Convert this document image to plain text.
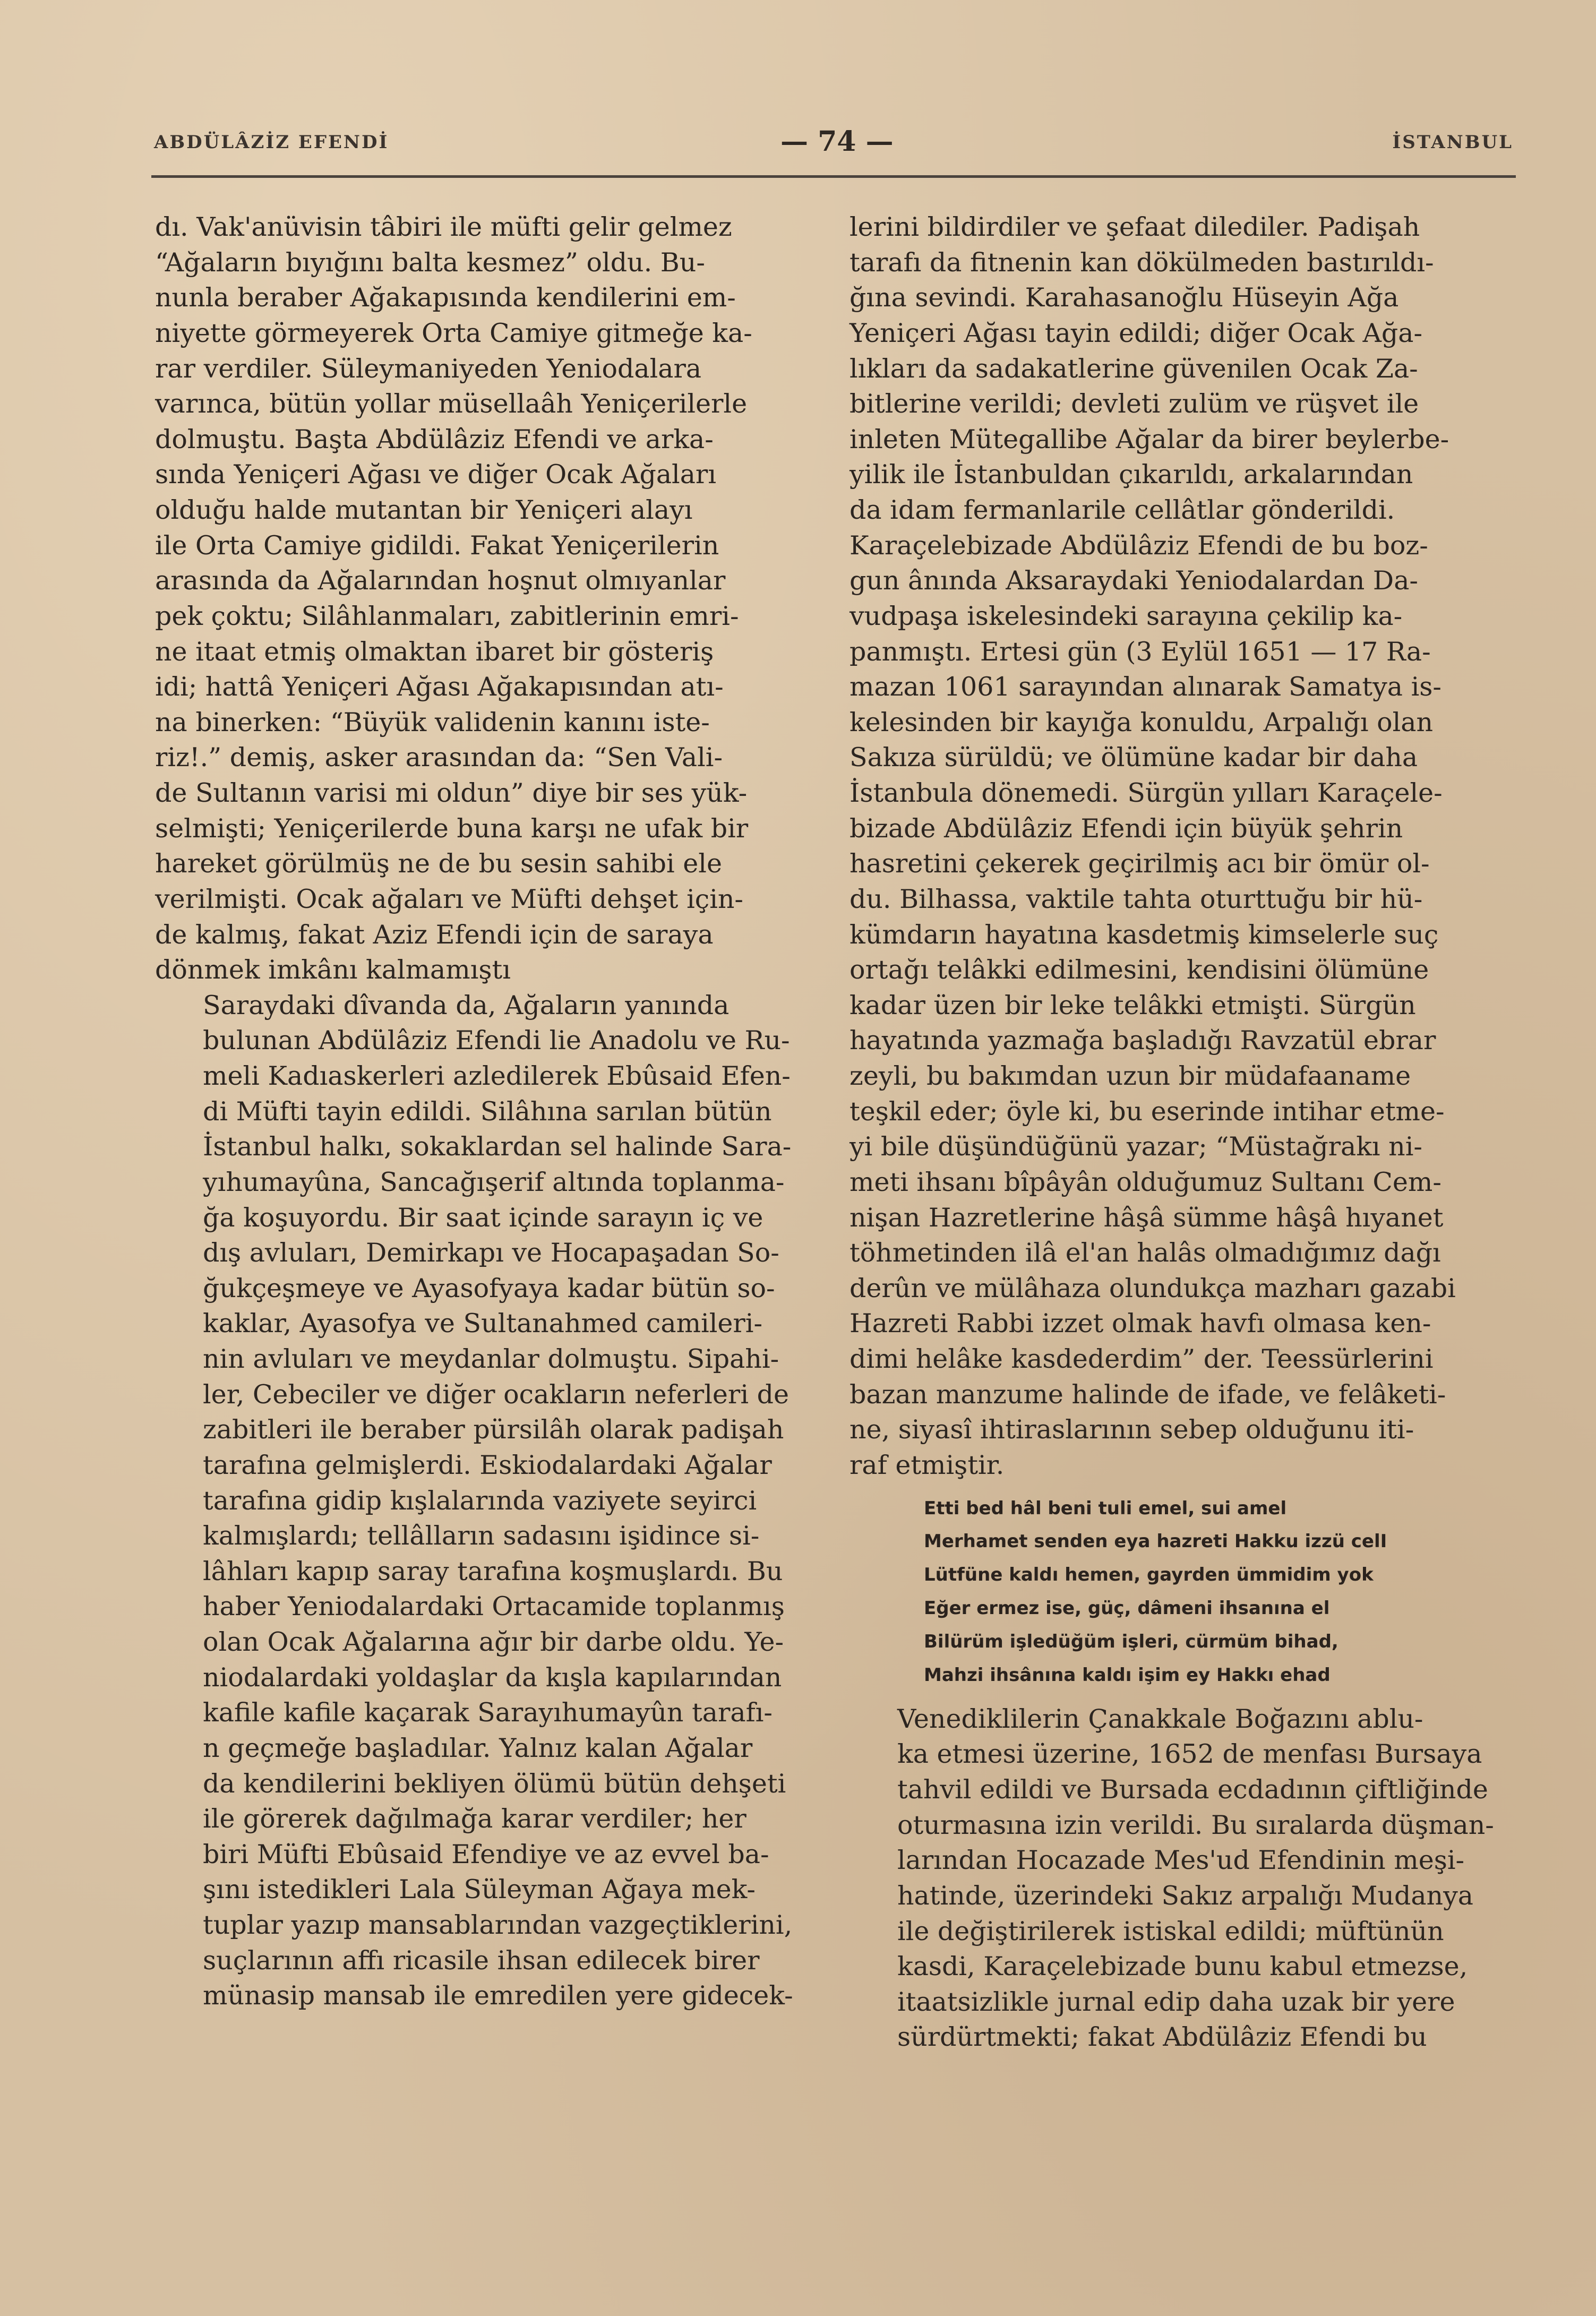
ABDÜLÂZİZ EFENDİ	— 74 —	İSTANBUL

dı. Vak'anüvisin tâbiri ile müfti gelir gelmez
“Ağaların bıyığını balta kesmez” oldu. Bu-
nunla beraber Ağakapısında kendilerini em-
niyette görmeyerek Orta Camiye gitmeğe ka-
rar verdiler. Süleymaniyeden Yeniodalara
varınca, bütün yollar müsellaâh Yeniçerilerle
dolmuştu. Başta Abdülâziz Efendi ve arka-
sında Yeniçeri Ağası ve diğer Ocak Ağaları
olduğu halde mutantan bir Yeniçeri alayı
ile Orta Camiye gidildi. Fakat Yeniçerilerin
arasında da Ağalarından hoşnut olmıyanlar
pek çoktu; Silâhlanmaları, zabitlerinin emri-
ne itaat etmiş olmaktan ibaret bir gösteriş
idi; hattâ Yeniçeri Ağası Ağakapısından atı-
na binerken: “Büyük validenin kanını iste-
riz!.” demiş, asker arasından da: “Sen Vali-
de Sultanın varisi mi oldun” diye bir ses yük-
selmişti; Yeniçerilerde buna karşı ne ufak bir
hareket görülmüş ne de bu sesin sahibi ele
verilmişti. Ocak ağaları ve Müfti dehşet için-
de kalmış, fakat Aziz Efendi için de saraya
dönmek imkânı kalmamıştı

Saraydaki dîvanda da, Ağaların yanında
bulunan Abdülâziz Efendi lie Anadolu ve Ru-
meli Kadıaskerleri azledilerek Ebûsaid Efen-
di Müfti tayin edildi. Silâhına sarılan bütün
İstanbul halkı, sokaklardan sel halinde Sara-
yıhumayûna, Sancağışerif altında toplanma-
ğa koşuyordu. Bir saat içinde sarayın iç ve
dış avluları, Demirkapı ve Hocapaşadan So-
ğukçeşmeye ve Ayasofyaya kadar bütün so-
kaklar, Ayasofya ve Sultanahmed camileri-
nin avluları ve meydanlar dolmuştu. Sipahi-
ler, Cebeciler ve diğer ocakların neferleri de
zabitleri ile beraber pürsilâh olarak padişah
tarafına gelmişlerdi. Eskiodalardaki Ağalar
tarafına gidip kışlalarında vaziyete seyirci
kalmışlardı; tellâlların sadasını işidince si-
lâhları kapıp saray tarafına koşmuşlardı. Bu
haber Yeniodalardaki Ortacamide toplanmış
olan Ocak Ağalarına ağır bir darbe oldu. Ye-
niodalardaki yoldaşlar da kışla kapılarından
kafile kafile kaçarak Sarayıhumayûn tarafı-
n geçmeğe başladılar. Yalnız kalan Ağalar
da kendilerini bekliyen ölümü bütün dehşeti
ile görerek dağılmağa karar verdiler; her
biri Müfti Ebûsaid Efendiye ve az evvel ba-
şını istedikleri Lala Süleyman Ağaya mek-
tuplar yazıp mansablarından vazgeçtiklerini,
suçlarının affı ricasile ihsan edilecek birer
münasip mansab ile emredilen yere gidecek-

lerini bildirdiler ve şefaat dilediler. Padişah
tarafı da fitnenin kan dökülmeden bastırıldı-
ğına sevindi. Karahasanoğlu Hüseyin Ağa
Yeniçeri Ağası tayin edildi; diğer Ocak Ağa-
lıkları da sadakatlerine güvenilen Ocak Za-
bitlerine verildi; devleti zulüm ve rüşvet ile
inleten Mütegallibe Ağalar da birer beylerbe-
yilik ile İstanbuldan çıkarıldı, arkalarından
da idam fermanlarile cellâtlar gönderildi.
Karaçelebizade Abdülâziz Efendi de bu boz-
gun ânında Aksaraydaki Yeniodalardan Da-
vudpaşa iskelesindeki sarayına çekilip ka-
panmıştı. Ertesi gün (3 Eylül 1651 — 17 Ra-
mazan 1061 sarayından alınarak Samatya is-
kelesinden bir kayığa konuldu, Arpalığı olan
Sakıza sürüldü; ve ölümüne kadar bir daha
İstanbula dönemedi. Sürgün yılları Karaçele-
bizade Abdülâziz Efendi için büyük şehrin
hasretini çekerek geçirilmiş acı bir ömür ol-
du. Bilhassa, vaktile tahta oturttuğu bir hü-
kümdarın hayatına kasdetmiş kimselerle suç
ortağı telâkki edilmesini, kendisini ölümüne
kadar üzen bir leke telâkki etmişti. Sürgün
hayatında yazmağa başladığı Ravzatül ebrar
zeyli, bu bakımdan uzun bir müdafaaname
teşkil eder; öyle ki, bu eserinde intihar etme-
yi bile düşündüğünü yazar; “Müstağrakı ni-
meti ihsanı bîpâyân olduğumuz Sultanı Cem-
nişan Hazretlerine hâşâ sümme hâşâ hıyanet
töhmetinden ilâ el'an halâs olmadığımız dağı
derûn ve mülâhaza olundukça mazharı gazabi
Hazreti Rabbi izzet olmak havfı olmasa ken-
dimi helâke kasdederdim” der. Teessürlerini
bazan manzume halinde de ifade, ve felâketi-
ne, siyasî ihtiraslarının sebep olduğunu iti-
raf etmiştir.

Etti bed hâl beni tuli emel, sui amel
Merhamet senden eya hazreti Hakku izzü celI
Lütfüne kaldı hemen, gayrden ümmidim yok
Eğer ermez ise, güç, dâmeni ihsanına el
Bilürüm işledüğüm işleri, cürmüm bihad,
Mahzi ihsânına kaldı işim ey Hakkı ehad

Venediklilerin Çanakkale Boğazını ablu-
ka etmesi üzerine, 1652 de menfası Bursaya
tahvil edildi ve Bursada ecdadının çiftliğinde
oturmasına izin verildi. Bu sıralarda düşman-
larından Hocazade Mes'ud Efendinin meşi-
hatinde, üzerindeki Sakız arpalığı Mudanya
ile değiştirilerek istiskal edildi; müftünün
kasdi, Karaçelebizade bunu kabul etmezse,
itaatsizlikle jurnal edip daha uzak bir yere
sürdürtmekti; fakat Abdülâziz Efendi bu
